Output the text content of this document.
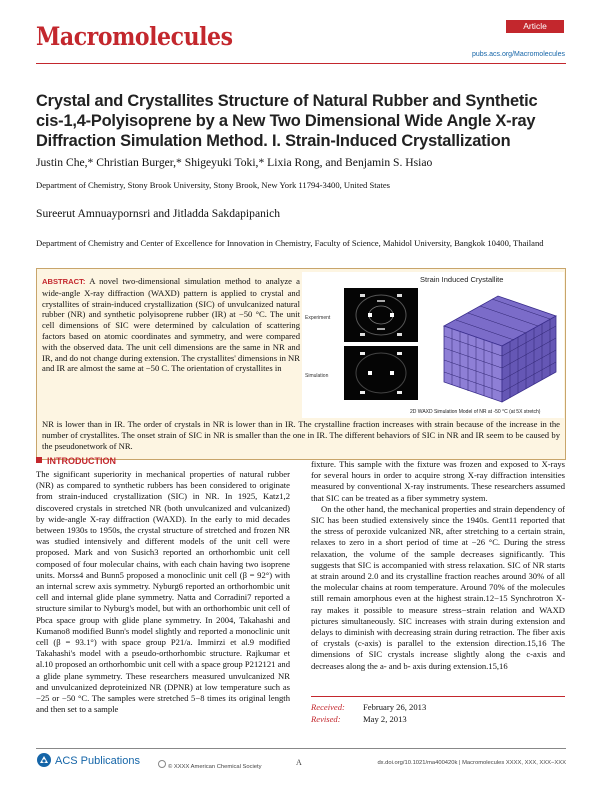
Macromolecules	Article
pubs.acs.org/Macromolecules
Crystal and Crystallites Structure of Natural Rubber and Synthetic cis-1,4-Polyisoprene by a New Two Dimensional Wide Angle X-ray Diffraction Simulation Method. I. Strain-Induced Crystallization
Justin Che,* Christian Burger,* Shigeyuki Toki,* Lixia Rong, and Benjamin S. Hsiao
Department of Chemistry, Stony Brook University, Stony Brook, New York 11794-3400, United States
Sureerut Amnuaypornsri and Jitladda Sakdapipanich
Department of Chemistry and Center of Excellence for Innovation in Chemistry, Faculty of Science, Mahidol University, Bangkok 10400, Thailand
ABSTRACT: A novel two-dimensional simulation method to analyze a wide-angle X-ray diffraction (WAXD) pattern is applied to crystal and crystallites of strain-induced crystallization (SIC) of unvulcanized natural rubber (NR) and synthetic polyisoprene rubber (IR) at −50 °C. The unit cell dimensions of SIC were determined by calculation of scattering factors based on atomic coordinates and symmetry, and were compared with the observed data. The unit cell dimensions are the same in NR and IR, and do not change during extension. The crystallites' dimensions in NR and IR are almost the same at −50 C. The orientation of crystallites in
NR is lower than in IR. The order of crystals in NR is lower than in IR. The crystalline fraction increases with strain because of the increase in the number of crystallites. The onset strain of SIC in NR is smaller than the one in IR. The different behaviors of SIC in NR and IR seem to be caused by the pseudonetwork of NR.
Strain Induced Crystallite
Experiment
Simulation
2D WAXD Simulation Model of NR at -50 °C (at 5X stretch)
INTRODUCTION
The significant superiority in mechanical properties of natural rubber (NR) as compared to synthetic rubbers has been considered to originate from strain-induced crystallization (SIC) in NR. In 1925, Katz1,2 discovered crystals in stretched NR (both unvulcanized and vulcanized) by wide-angle X-ray diffraction (WAXD). In the early to mid decades between 1930s to 1950s, the crystal structure of stretched and frozen NR was studied intensively and different models of the unit cell were proposed. Mark and von Susich3 reported an orthorhombic unit cell composed of four molecular chains, with each chain having two isoprene units. Morss4 and Bunn5 proposed a monoclinic unit cell (β = 92°) with an internal screw axis symmetry. Nyburg6 reported an orthorhombic unit cell and internal glide plane symmetry. Natta and Corradini7 reported a structure similar to Nyburg's model, but with an orthorhombic unit cell of Pbca space group with glide plane symmetry. In 2004, Takahashi and Kumano8 modified Bunn's model slightly and reported a monoclinic unit cell (β = 93.1°) with space group P21/a. Immirzi et al.9 modified Takahashi's model with a pseudo-orthorhombic structure. Rajkumar et al.10 proposed an orthorhombic unit cell with a space group P212121 and a glide plane symmetry. These researchers measured unvulcanized NR and unvulcanized deproteinized NR (DPNR) at low temperature such as −25 or −50 °C. The samples were stretched 5−8 times its original length and then set to a sample
fixture. This sample with the fixture was frozen and exposed to X-rays for several hours in order to acquire strong X-ray diffraction intensities measured by conventional X-ray instruments. These researchers assumed that SIC can be treated as a fiber symmetry system.
On the other hand, the mechanical properties and strain dependency of SIC has been studied extensively since the 1940s. Gent11 reported that the stress of peroxide vulcanized NR, after stretching to a certain strain, relaxes to zero in a short period of time at −26 °C. During the stress relaxation, the volume of the sample decreases significantly. This suggests that SIC is accompanied with stress relaxation. SIC of NR starts at strain around 2.0 and its crystalline fraction reaches around 30% of all the molecular chains at room temperature. Around 70% of the molecules still remain amorphous even at the highest strain.12−15 Synchrotron X-ray makes it possible to measure stress−strain relation and WAXD pictures simultaneously. SIC increases with strain during extension and delays to diminish with decreasing strain during retraction. The fiber axis of crystals (c-axis) is parallel to the extension direction.15,16 The dimensions of SIC crystals increase slightly along the c-axis and decreases along the a- and b- axis during extension.15,16
Received: February 26, 2013
Revised:	May 2, 2013
ACS Publications	© XXXX American Chemical Society	A	dx.doi.org/10.1021/ma400420k | Macromolecules XXXX, XXX, XXX−XXX
